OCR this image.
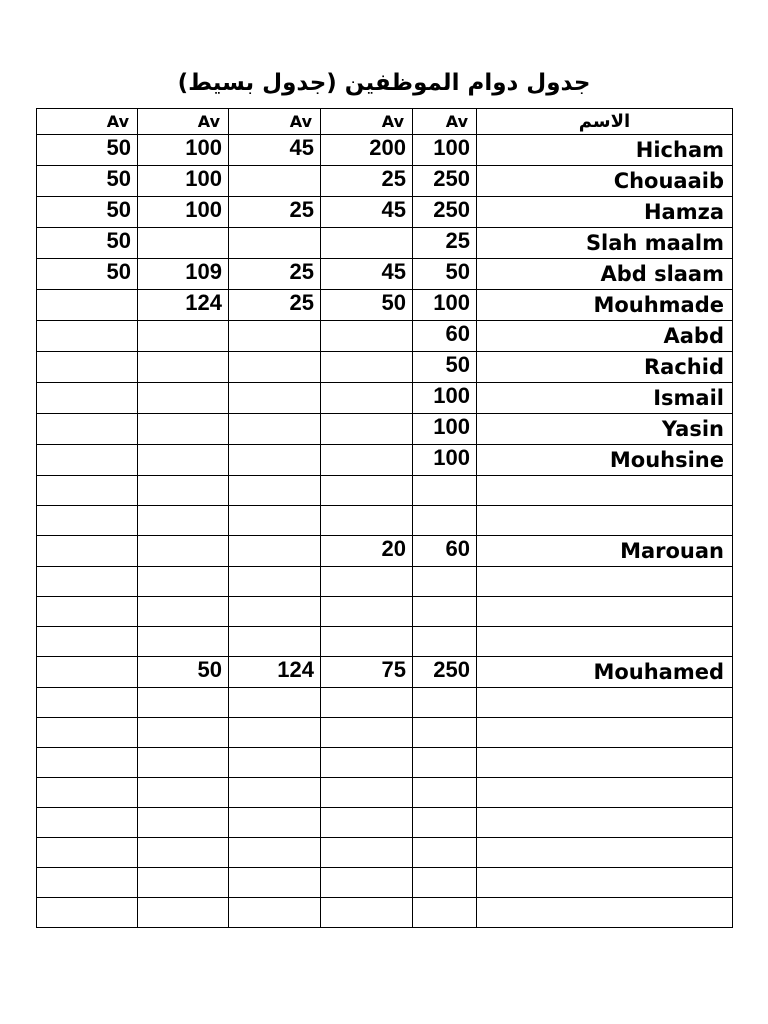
جدول دوام الموظفين (جدول بسيط)
Av	Av	Av	Av	Av	الاسم
50	100	45	200	100	Hicham
50	100		25	250	Chouaaib
50	100	25	45	250	Hamza
50				25	Slah maalm
50	109	25	45	50	Abd slaam
	124	25	50	100	Mouhmade
				60	Aabd
				50	Rachid
				100	Ismail
				100	Yasin
				100	Mouhsine

			20	60	Marouan

	50	124	75	250	Mouhamed
